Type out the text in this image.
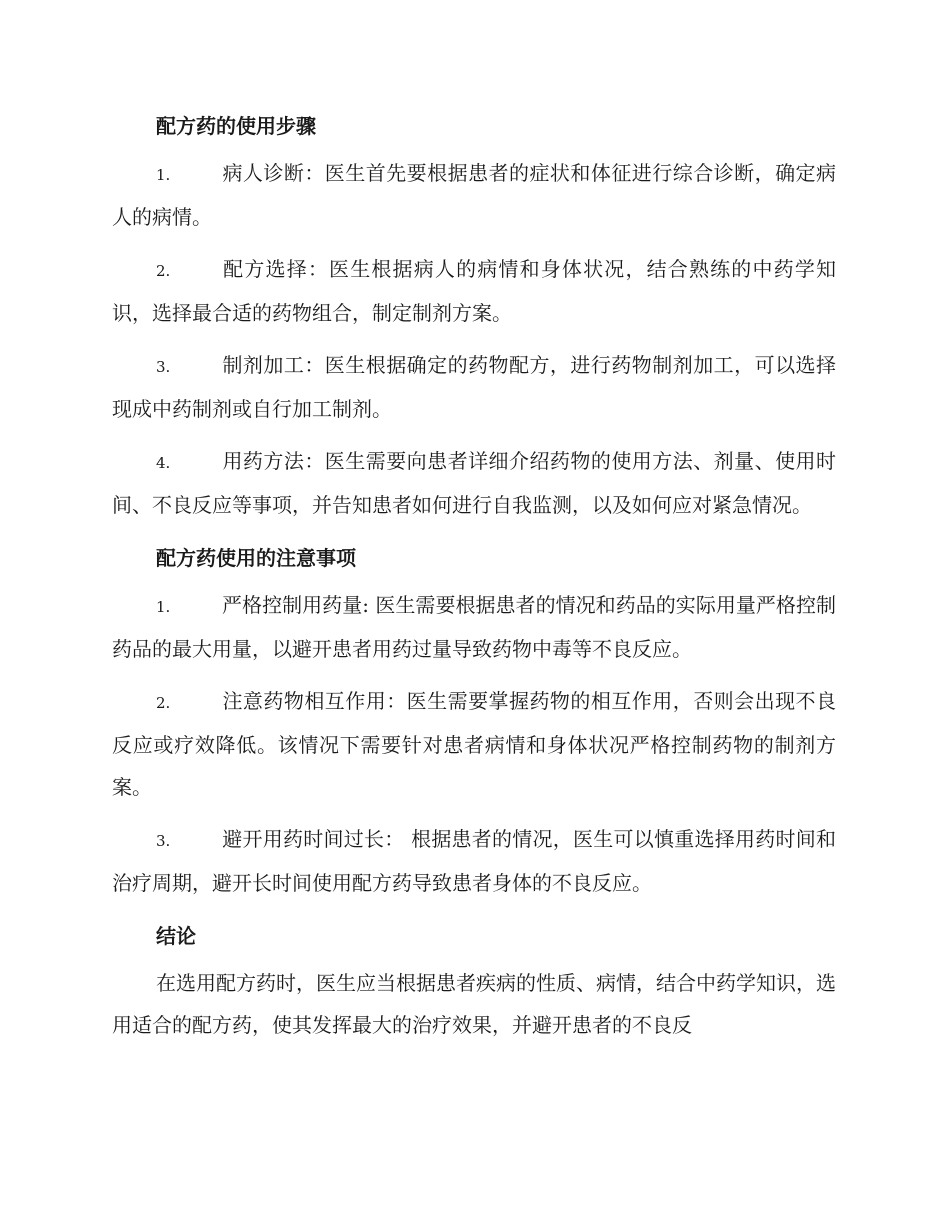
配方药的使用步骤
1.	病人诊断：医生首先要根据患者的症状和体征进行综合诊断，确定病人的病情。
2.	配方选择：医生根据病人的病情和身体状况，结合熟练的中药学知识，选择最合适的药物组合，制定制剂方案。
3.	制剂加工：医生根据确定的药物配方，进行药物制剂加工，可以选择现成中药制剂或自行加工制剂。
4.	用药方法：医生需要向患者详细介绍药物的使用方法、剂量、使用时间、不良反应等事项，并告知患者如何进行自我监测，以及如何应对紧急情况。
配方药使用的注意事项
1.	严格控制用药量: 医生需要根据患者的情况和药品的实际用量严格控制药品的最大用量，以避开患者用药过量导致药物中毒等不良反应。
2.	注意药物相互作用：医生需要掌握药物的相互作用，否则会出现不良反应或疗效降低。该情况下需要针对患者病情和身体状况严格控制药物的制剂方案。
3.	避开用药时间过长： 根据患者的情况，医生可以慎重选择用药时间和治疗周期，避开长时间使用配方药导致患者身体的不良反应。
结论
在选用配方药时，医生应当根据患者疾病的性质、病情，结合中药学知识，选用适合的配方药，使其发挥最大的治疗效果，并避开患者的不良反
